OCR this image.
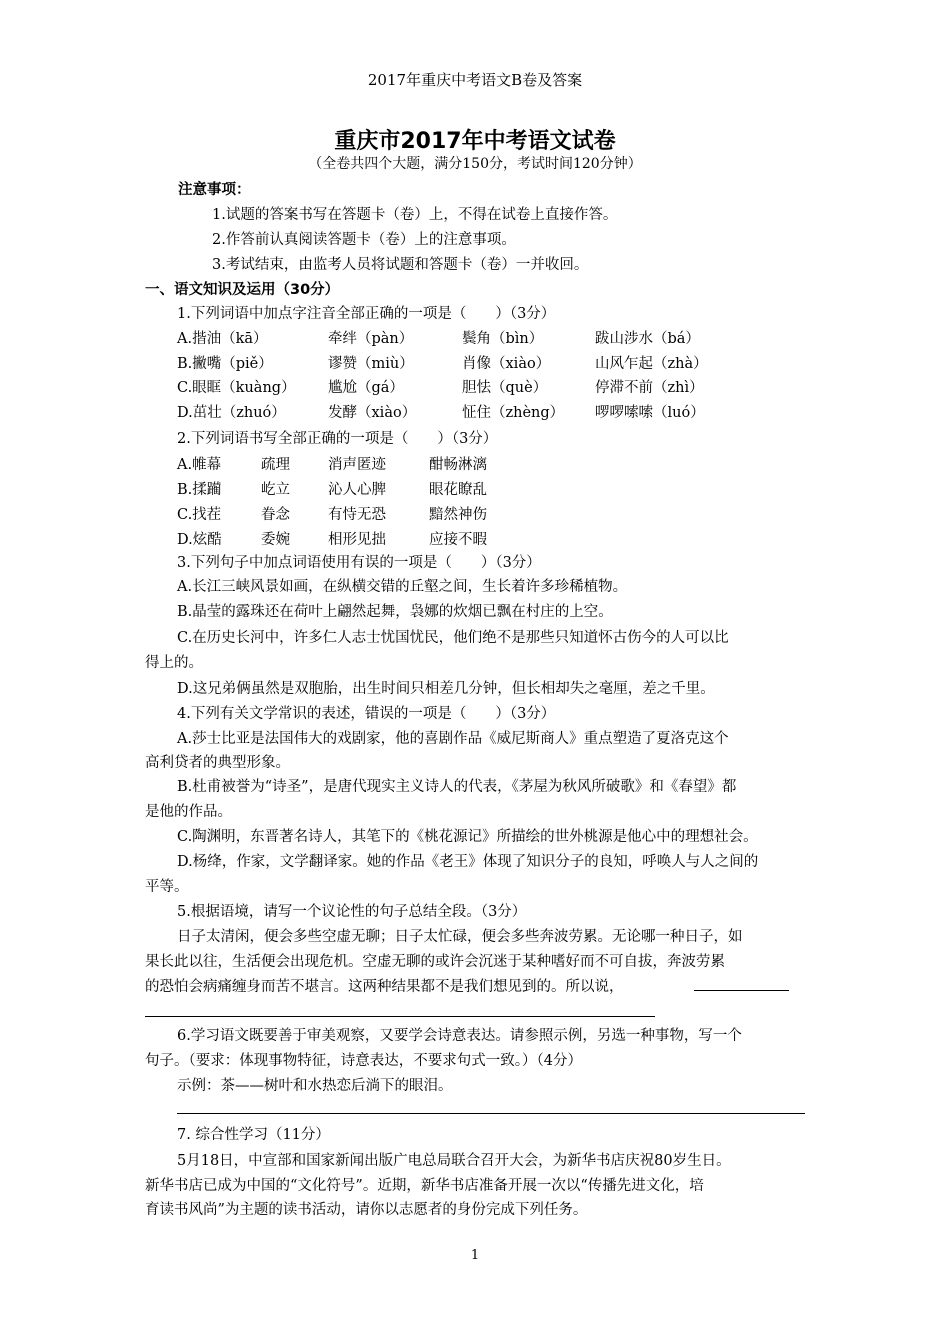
2017年重庆中考语文B卷及答案
重庆市2017年中考语文试卷
（全卷共四个大题，满分150分，考试时间120分钟）
注意事项：
1.试题的答案书写在答题卡（卷）上，不得在试卷上直接作答。
2.作答前认真阅读答题卡（卷）上的注意事项。
3.考试结束，由监考人员将试题和答题卡（卷）一并收回。
一、语文知识及运用（30分）
1.下列词语中加点字注音全部正确的一项是（　　）（3分）
A.揩油（kā）	牵绊（pàn）	鬓角（bìn）	跋山涉水（bá）
B.撇嘴（piě）	谬赞（miù）	肖像（xiào）	山风乍起（zhà）
C.眼眶（kuàng） 尴尬（gá）	胆怯（què）	停滞不前（zhì）
D.茁壮（zhuó）	发酵（xiào）	怔住（zhèng） 啰啰嗦嗦（luó）
2.下列词语书写全部正确的一项是（　　）（3分）
A.帷幕	疏理	消声匿迹	酣畅淋漓
B.揉躏	屹立	沁人心脾	眼花瞭乱
C.找茬	眷念	有恃无恐	黯然神伤
D.炫酷	委婉	相形见拙	应接不暇
3.下列句子中加点词语使用有误的一项是（　　）（3分）
A.长江三峡风景如画，在纵横交错的丘壑之间，生长着许多珍稀植物。
B.晶莹的露珠还在荷叶上翩然起舞，袅娜的炊烟已飘在村庄的上空。
C.在历史长河中，许多仁人志士忧国忧民，他们绝不是那些只知道怀古伤今的人可以比
得上的。
D.这兄弟俩虽然是双胞胎，出生时间只相差几分钟，但长相却失之毫厘，差之千里。
4.下列有关文学常识的表述，错误的一项是（　　）（3分）
A.莎士比亚是法国伟大的戏剧家，他的喜剧作品《威尼斯商人》重点塑造了夏洛克这个
高利贷者的典型形象。
B.杜甫被誉为“诗圣”，是唐代现实主义诗人的代表，《茅屋为秋风所破歌》和《春望》都
是他的作品。
C.陶渊明，东晋著名诗人，其笔下的《桃花源记》所描绘的世外桃源是他心中的理想社会。
D.杨绛，作家，文学翻译家。她的作品《老王》体现了知识分子的良知，呼唤人与人之间的
平等。
5.根据语境，请写一个议论性的句子总结全段。（3分）
日子太清闲，便会多些空虚无聊；日子太忙碌，便会多些奔波劳累。无论哪一种日子，如
果长此以往，生活便会出现危机。空虚无聊的或许会沉迷于某种嗜好而不可自拔，奔波劳累
的恐怕会病痛缠身而苦不堪言。这两种结果都不是我们想见到的。所以说，
6.学习语文既要善于审美观察，又要学会诗意表达。请参照示例，另选一种事物，写一个
句子。（要求：体现事物特征，诗意表达，不要求句式一致。）（4分）
示例：茶——树叶和水热恋后淌下的眼泪。
7. 综合性学习（11分）
5月18日，中宣部和国家新闻出版广电总局联合召开大会，为新华书店庆祝80岁生日。
新华书店已成为中国的“文化符号”。近期，新华书店准备开展一次以“传播先进文化，培
育读书风尚”为主题的读书活动，请你以志愿者的身份完成下列任务。
1
